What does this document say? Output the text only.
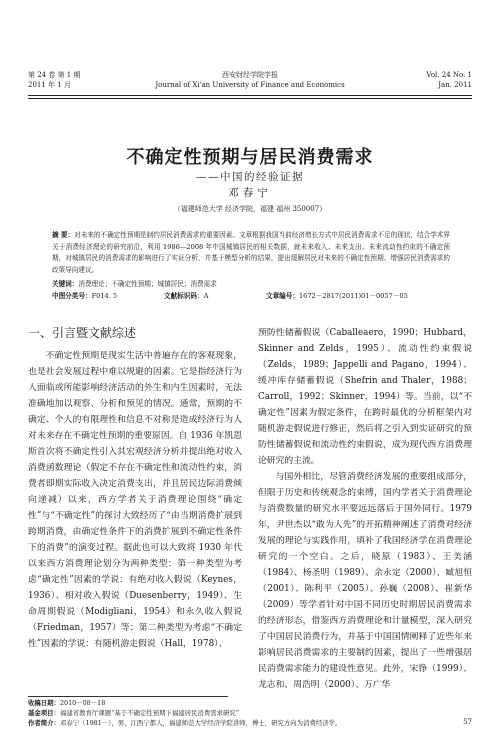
第 24 卷 第 1 期
2011 年 1 月
西安财经学院学报
Journal of Xi'an University of Finance and Economics
Vol. 24 No. 1
Jan. 2011
不确定性预期与居民消费需求
——中国的经验证据
邓春宁
（福建师范大学 经济学院，福建 福州 350007）
摘 要：对未来的不确定性预期是制约居民消费需求的重要因素。文章根据我国当前经济增长方式中居民消费需求不足的现状，结合学术界关于消费经济理论的研究前沿，利用 1986—2008 年中国城镇居民的相关数据，就未来收入、未来支出、未来流动性约束的不确定预期，对城镇居民的消费需求的影响进行了实证分析，并基于模型分析的结果，提出缓解居民对未来的不确定性预期、增强居民消费需求的政策导向建议。
关键词：消费理论；不确定性预期；城镇居民；消费需求
中图分类号：F014. 5	文献标识码：A	文章编号：1672－2817(2011)01－0057－05
一、引言暨文献综述
不确定性预期是现实生活中普遍存在的客观现象，也是社会发展过程中难以规避的因素。它是指经济行为人面临或所能影响经济活动的外生和内生因素时，无法准确地加以观察、分析和预见的情况。通常，预期的不确定、个人的有限理性和信息不对称是造成经济行为人对未来存在不确定性预期的重要原因。自 1936 年凯恩斯首次将不确定性引入其宏观经济分析并提出绝对收入消费函数理论（假定不存在不确定性和流动性约束，消费者即期实际收入决定消费支出，并且居民边际消费倾向递减）以来，西方学者关于消费理论围绕“确定性”与“不确定性”的探讨大致经历了“由当期消费扩展到跨期消费，由确定性条件下的消费扩展到不确定性条件下的消费”的演变过程。据此也可以大致将 1930 年代以来西方消费理论划分为两种类型：第一种类型为考虑“确定性”因素的学说：有绝对收入假说（Keynes，1936）、相对收入假说（Duesenberry，1949）、生命周期假说（Modigliani，1954）和永久收入假说（Friedman，1957）等；第二种类型为考虑“不确定性”因素的学说：有随机游走假说（Hall，1978）、
预防性储蓄假说（Caballeaero，1990；Hubbard，Skinner and Zelds，1995）、流动性约束假说（Zelds，1989；Jappelli and Pagano，1994）、缓冲库存储蓄假说（Shefrin and Thaler，1988；Carroll，1992；Skinner，1994）等。当前，以“不确定性”因素为假定条件，在跨时最优的分析框架内对随机游走假说进行修正，然后将之引入到实证研究的预防性储蓄假说和流动性约束假说，成为现代西方消费理论研究的主流。
与国外相比，尽管消费经济发展的重要组成部分，但限于历史和传统观念的束缚，国内学者关于消费理论与消费数量的研究水平要远远落后于国外同行。1979 年，尹世杰以“敢为人先”的开拓精神阐述了消费对经济发展的理论与实践作用，填补了我国经济学在消费理论研究的一个空白。之后，晓原（1983）、王美涵（1984）、杨圣明（1989）、余永定（2000）、臧旭恒（2001）、陈利平（2005）、孙巍（2008）、崔新华（2009）等学者针对中国不同历史时期居民消费需求的经济形态，借鉴西方消费理论和计量模型，深入研究了中国居民消费行为，并基于中国国情阐释了近些年来影响居民消费需求的主要制约因素，提出了一些增强居民消费需求能力的建设性意见。此外，宋铮（1999）、龙志和、周浩明（2000）、万广华
收稿日期：2010－08－18
基金项目：福建省教育厅课题“基于不确定性预期下福建居民消费需求研究”
作者简介：邓春宁（1981－），男，江西宁都人，福建师范大学经济学院讲师，博士，研究方向为消费经济学。	57
